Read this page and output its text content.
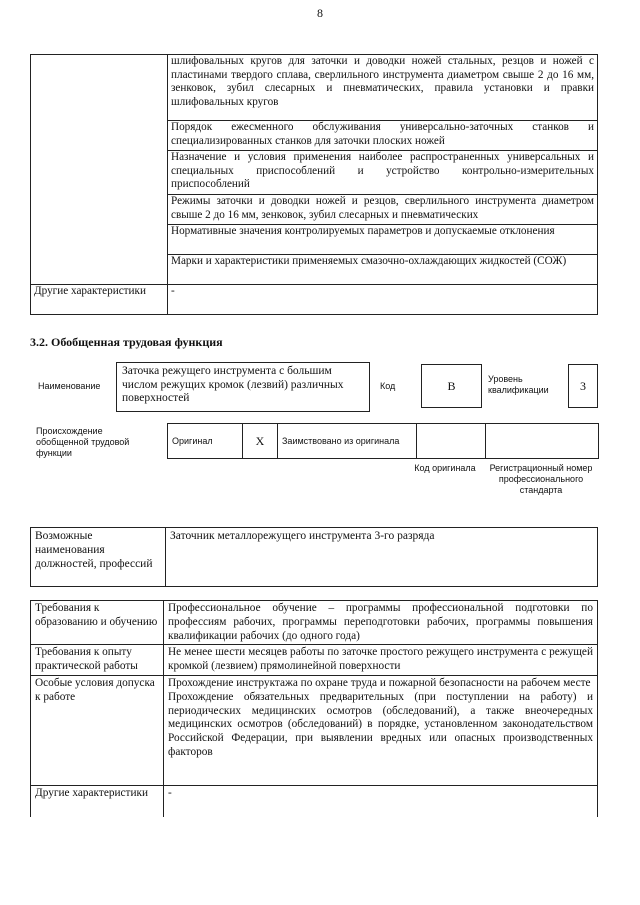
8
	шлифовальных кругов для заточки и доводки ножей стальных, резцов и ножей с пластинами твердого сплава, сверлильного инструмента диаметром свыше 2 до 16 мм, зенковок, зубил слесарных и пневматических, правила установки и правки шлифовальных кругов
	Порядок ежесменного обслуживания универсально-заточных станков и специализированных станков для заточки плоских ножей
	Назначение и условия применения наиболее распространенных универсальных и специальных приспособлений и устройство контрольно-измерительных приспособлений
	Режимы заточки и доводки ножей и резцов, сверлильного инструмента диаметром свыше 2 до 16 мм, зенковок, зубил слесарных и пневматических
	Нормативные значения контролируемых параметров и допускаемые отклонения
	Марки и характеристики применяемых смазочно-охлаждающих жидкостей (СОЖ)
Другие характеристики	-
3.2. Обобщенная трудовая функция
Наименование
Заточка режущего инструмента с большим числом режущих кромок (лезвий) различных поверхностей
Код	B	Уровень квалификации	3
Происхождение обобщенной трудовой функции
Оригинал	X	Заимствовано из оригинала		
Код оригинала	Регистрационный номер профессионального стандарта
Возможные наименования должностей, профессий	Заточник металлорежущего инструмента 3-го разряда
Требования к образованию и обучению	Профессиональное обучение – программы профессиональной подготовки по профессиям рабочих, программы переподготовки рабочих, программы повышения квалификации рабочих (до одного года)
Требования к опыту практической работы	Не менее шести месяцев работы по заточке простого режущего инструмента с режущей кромкой (лезвием) прямолинейной поверхности
Особые условия допуска к работе	Прохождение инструктажа по охране труда и пожарной безопасности на рабочем месте
Прохождение обязательных предварительных (при поступлении на работу) и периодических медицинских осмотров (обследований), а также внеочередных медицинских осмотров (обследований) в порядке, установленном законодательством Российской Федерации, при выявлении вредных или опасных производственных факторов

Другие характеристики	-
